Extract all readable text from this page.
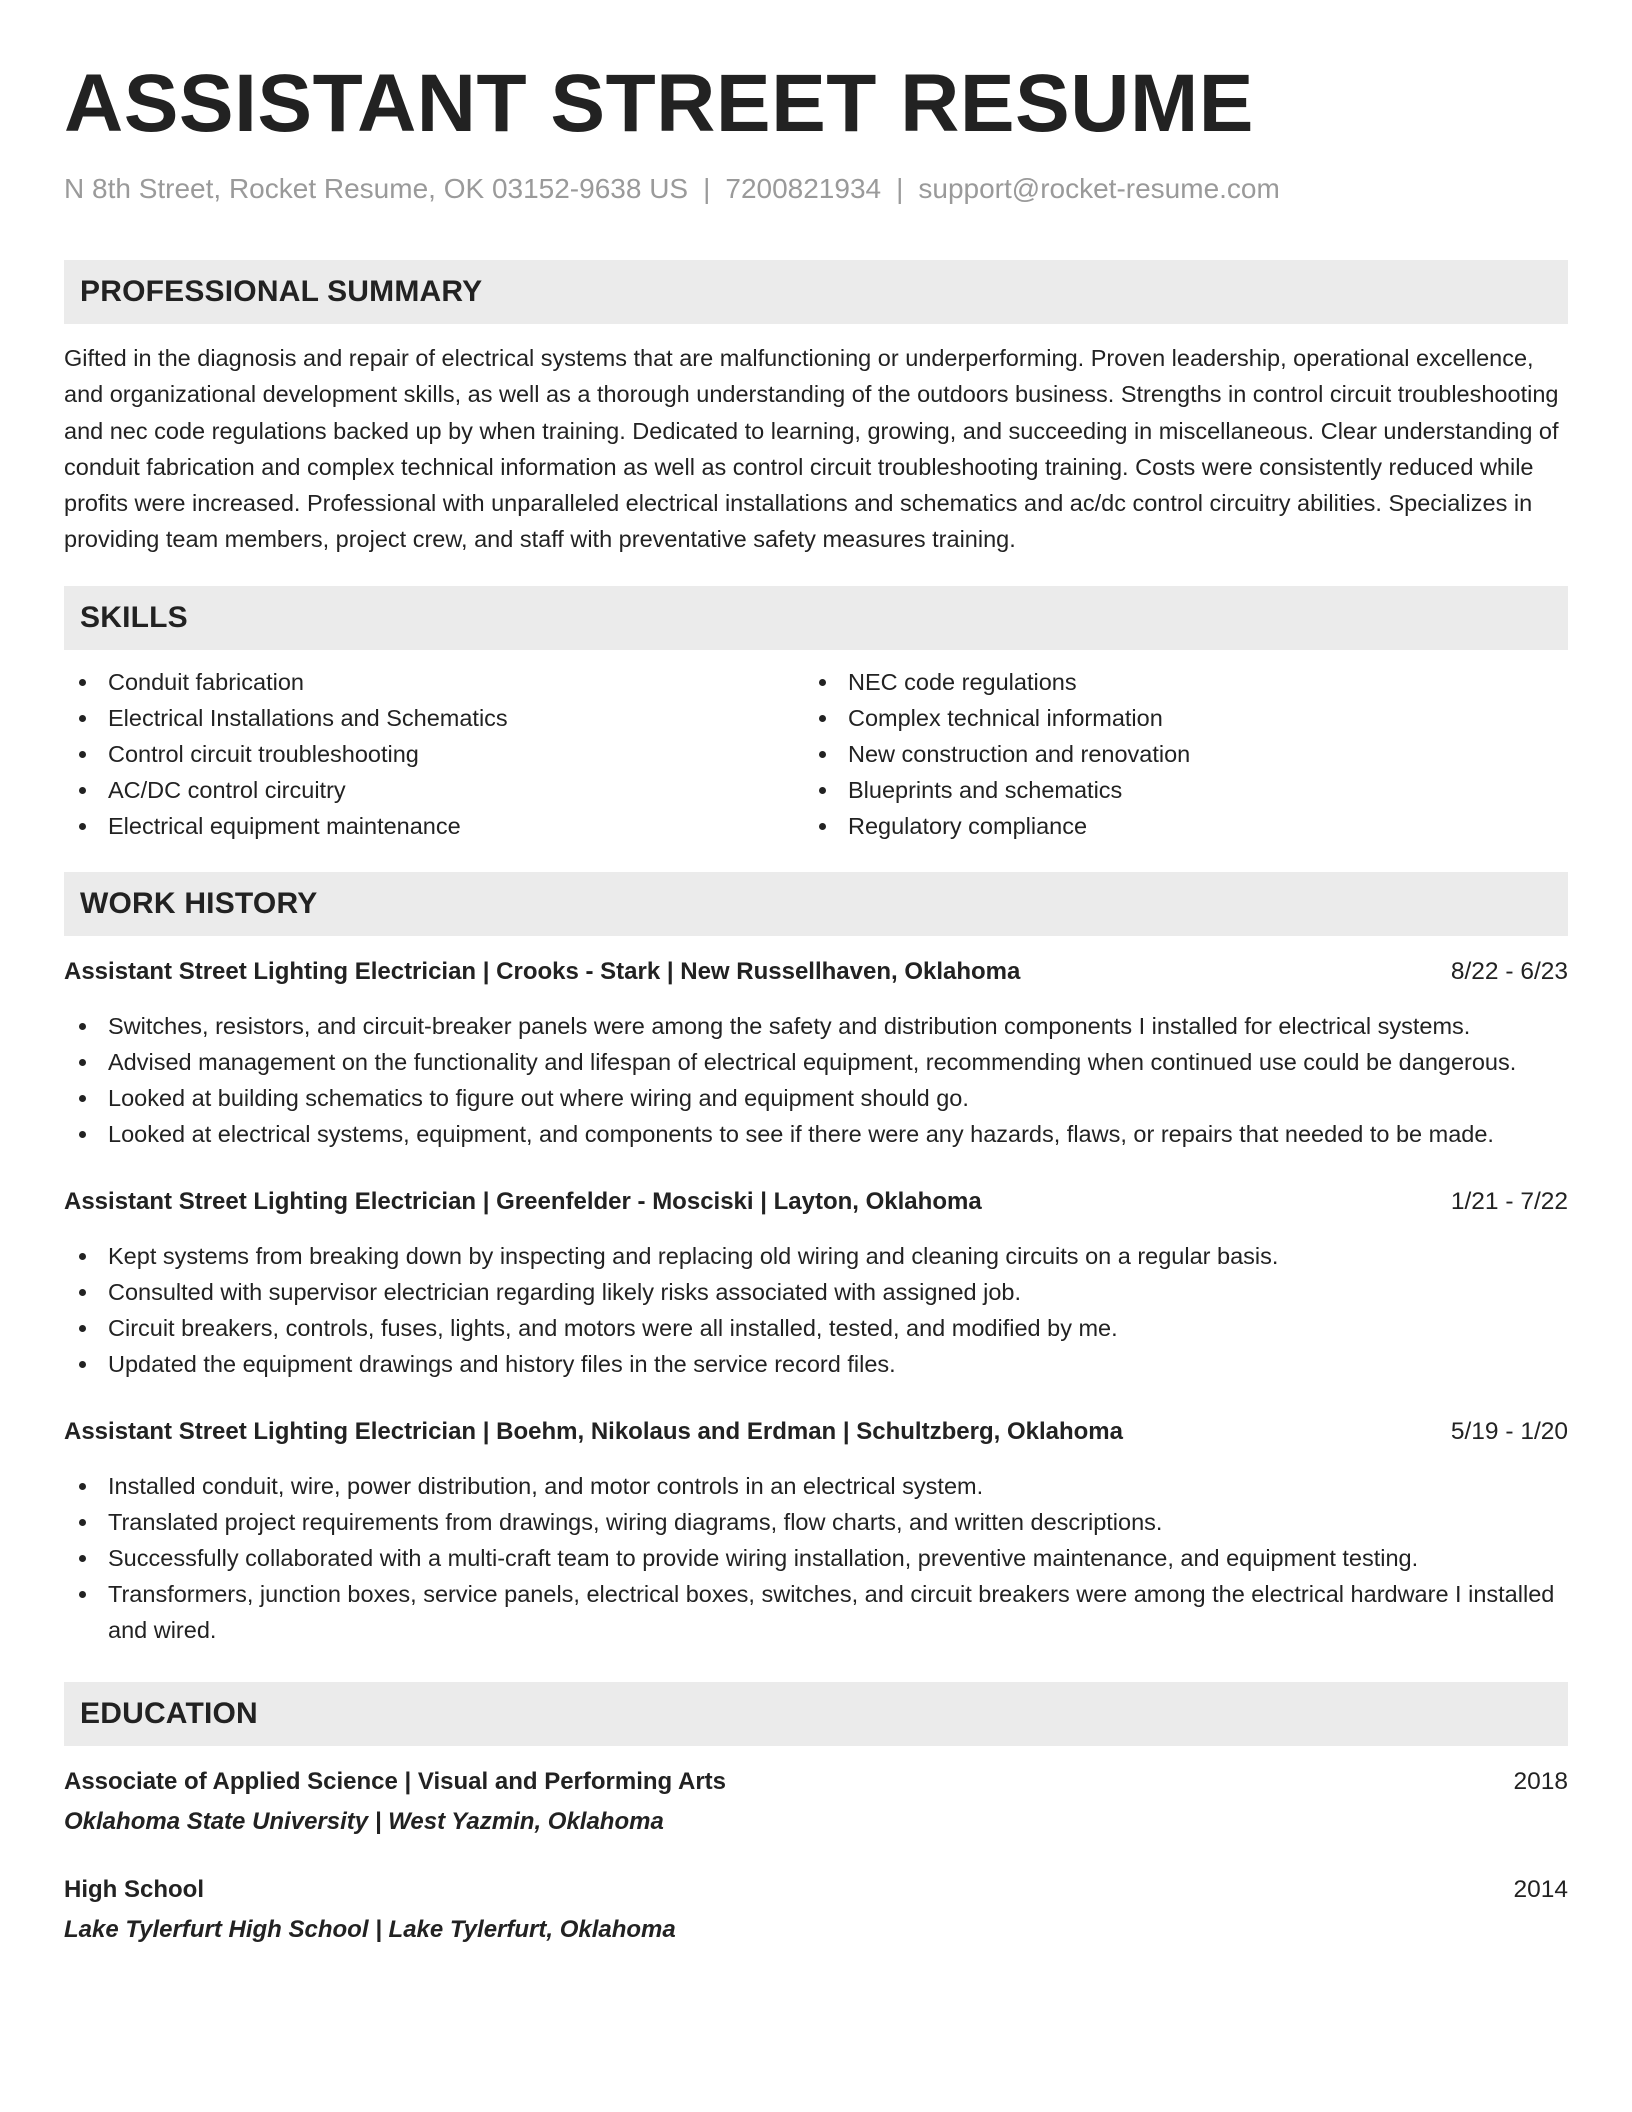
ASSISTANT STREET RESUME
N 8th Street, Rocket Resume, OK 03152-9638 US | 7200821934 | support@rocket-resume.com
PROFESSIONAL SUMMARY
Gifted in the diagnosis and repair of electrical systems that are malfunctioning or underperforming. Proven leadership, operational excellence, and organizational development skills, as well as a thorough understanding of the outdoors business. Strengths in control circuit troubleshooting and nec code regulations backed up by when training. Dedicated to learning, growing, and succeeding in miscellaneous. Clear understanding of conduit fabrication and complex technical information as well as control circuit troubleshooting training. Costs were consistently reduced while profits were increased. Professional with unparalleled electrical installations and schematics and ac/dc control circuitry abilities. Specializes in providing team members, project crew, and staff with preventative safety measures training.
SKILLS
Conduit fabrication
Electrical Installations and Schematics
Control circuit troubleshooting
AC/DC control circuitry
Electrical equipment maintenance
NEC code regulations
Complex technical information
New construction and renovation
Blueprints and schematics
Regulatory compliance
WORK HISTORY
Assistant Street Lighting Electrician | Crooks - Stark | New Russellhaven, Oklahoma	8/22 - 6/23
Switches, resistors, and circuit-breaker panels were among the safety and distribution components I installed for electrical systems.
Advised management on the functionality and lifespan of electrical equipment, recommending when continued use could be dangerous.
Looked at building schematics to figure out where wiring and equipment should go.
Looked at electrical systems, equipment, and components to see if there were any hazards, flaws, or repairs that needed to be made.
Assistant Street Lighting Electrician | Greenfelder - Mosciski | Layton, Oklahoma	1/21 - 7/22
Kept systems from breaking down by inspecting and replacing old wiring and cleaning circuits on a regular basis.
Consulted with supervisor electrician regarding likely risks associated with assigned job.
Circuit breakers, controls, fuses, lights, and motors were all installed, tested, and modified by me.
Updated the equipment drawings and history files in the service record files.
Assistant Street Lighting Electrician | Boehm, Nikolaus and Erdman | Schultzberg, Oklahoma	5/19 - 1/20
Installed conduit, wire, power distribution, and motor controls in an electrical system.
Translated project requirements from drawings, wiring diagrams, flow charts, and written descriptions.
Successfully collaborated with a multi-craft team to provide wiring installation, preventive maintenance, and equipment testing.
Transformers, junction boxes, service panels, electrical boxes, switches, and circuit breakers were among the electrical hardware I installed and wired.
EDUCATION
Associate of Applied Science | Visual and Performing Arts	2018
Oklahoma State University | West Yazmin, Oklahoma
High School	2014
Lake Tylerfurt High School | Lake Tylerfurt, Oklahoma
